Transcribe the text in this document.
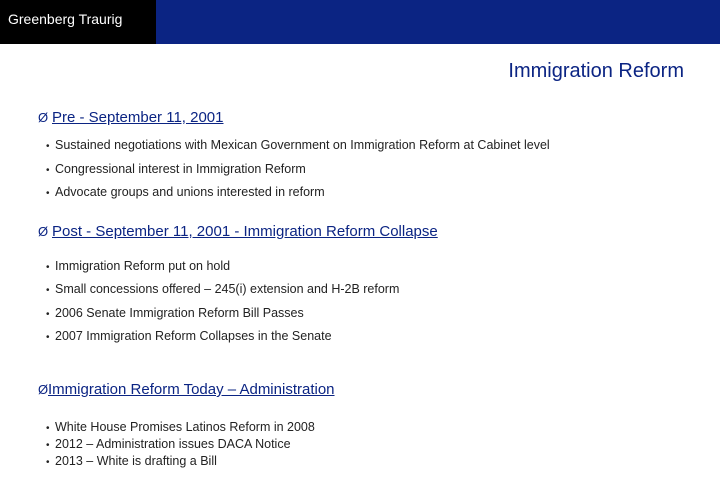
Greenberg Traurig
Immigration Reform
Ø Pre - September 11, 2001
• Sustained negotiations with Mexican Government on Immigration Reform at Cabinet level
• Congressional interest in Immigration Reform
• Advocate groups and unions interested in reform
Ø Post - September 11, 2001 - Immigration Reform Collapse
• Immigration Reform put on hold
• Small concessions offered – 245(i) extension and H-2B reform
• 2006 Senate Immigration Reform Bill Passes
• 2007 Immigration Reform Collapses in the Senate
ØImmigration Reform Today – Administration
• White House Promises Latinos Reform in 2008
• 2012 – Administration issues DACA Notice
• 2013 – White is drafting a Bill
